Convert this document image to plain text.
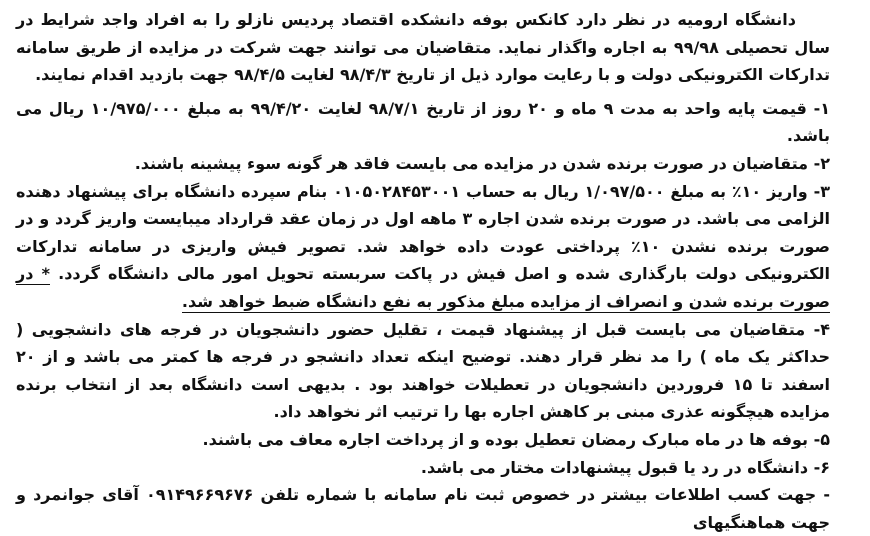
دانشگاه ارومیه در نظر دارد کانکس بوفه دانشکده اقتصاد پردیس نازلو را به افراد واجد شرایط در سال تحصیلی ۹۹/۹۸ به اجاره واگذار نماید. متقاضیان می توانند جهت شرکت در مزایده از طریق سامانه تدارکات الکترونیکی دولت و با رعایت موارد ذیل از تاریخ ۹۸/۴/۳ لغایت ۹۸/۴/۵ جهت بازدید اقدام نمایند.

۱- قیمت پایه واحد به مدت ۹ ماه و ۲۰ روز از تاریخ ۹۸/۷/۱ لغایت ۹۹/۴/۲۰ به مبلغ ۱۰/۹۷۵/۰۰۰ ریال می باشد.

۲- متقاضیان در صورت برنده شدن در مزایده می بایست فاقد هر گونه سوء پیشینه باشند.

۳- واریز ۱۰٪ به مبلغ ۱/۰۹۷/۵۰۰ ریال به حساب ۰۱۰۵۰۲۸۴۵۳۰۰۱ بنام سپرده دانشگاه برای پیشنهاد دهنده الزامی می باشد. در صورت برنده شدن اجاره ۳ ماهه اول در زمان عقد قرارداد میبایست واریز گردد و در صورت برنده نشدن ۱۰٪ پرداختی عودت داده خواهد شد. تصویر فیش واریزی در سامانه تدارکات الکترونیکی دولت بارگذاری شده و اصل فیش در پاکت سربسته تحویل امور مالی دانشگاه گردد. * در صورت برنده شدن و انصراف از مزایده مبلغ مذکور به نفع دانشگاه ضبط خواهد شد.

۴- متقاضیان می بایست قبل از پیشنهاد قیمت ، تقلیل حضور دانشجویان در فرجه های دانشجویی ( حداکثر یک ماه ) را مد نظر قرار دهند. توضیح اینکه تعداد دانشجو در فرجه ها کمتر می باشد و از ۲۰ اسفند تا ۱۵ فروردین دانشجویان در تعطیلات خواهند بود . بدیهی است دانشگاه بعد از انتخاب برنده مزایده هیچگونه عذری مبنی بر کاهش اجاره بها را ترتیب اثر نخواهد داد.

۵- بوفه ها در ماه مبارک رمضان تعطیل بوده و از پرداخت اجاره معاف می باشند.

۶- دانشگاه در رد یا قبول پیشنهادات مختار می باشد.

- جهت کسب اطلاعات بیشتر در خصوص ثبت نام سامانه با شماره تلفن ۰۹۱۴۹۶۶۹۶۷۶ آقای جوانمرد و جهت هماهنگیهای
